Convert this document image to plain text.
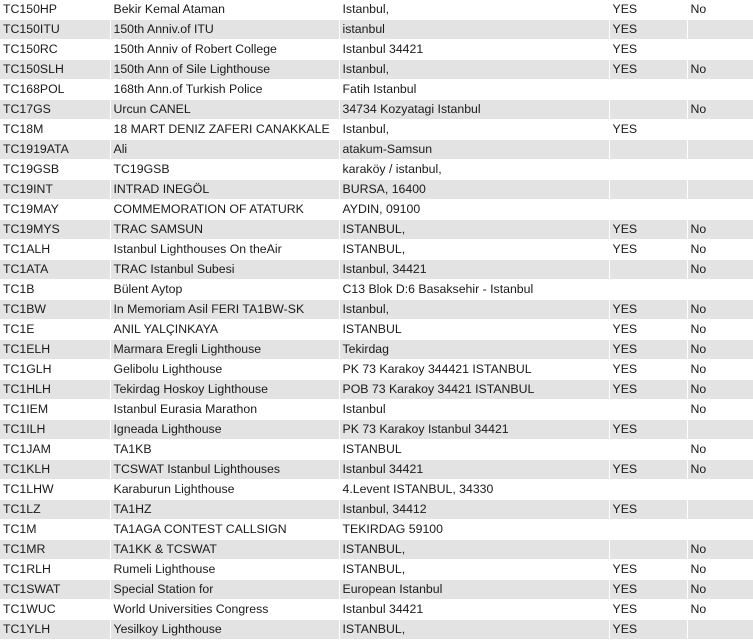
TC150HP	Bekir Kemal Ataman	Istanbul,	YES	No
TC150ITU	150th Anniv.of ITU	istanbul	YES	
TC150RC	150th Anniv of Robert College	Istanbul 34421	YES	
TC150SLH	150th Ann of Sile Lighthouse	Istanbul,	YES	No
TC168POL	168th Ann.of Turkish Police	Fatih Istanbul		
TC17GS	Urcun CANEL	34734 Kozyatagi Istanbul		No
TC18M	18 MART DENIZ ZAFERI CANAKKALE	Istanbul,	YES	
TC1919ATA	Ali	atakum-Samsun		
TC19GSB	TC19GSB	karaköy / istanbul,		
TC19INT	INTRAD INEGÖL	BURSA, 16400		
TC19MAY	COMMEMORATION OF ATATURK	AYDIN, 09100		
TC19MYS	TRAC SAMSUN	ISTANBUL,	YES	No
TC1ALH	Istanbul Lighthouses On theAir	ISTANBUL,	YES	No
TC1ATA	TRAC Istanbul Subesi	Istanbul, 34421		No
TC1B	Bülent Aytop	C13 Blok D:6 Basaksehir - Istanbul		
TC1BW	In Memoriam Asil FERI TA1BW-SK	Istanbul,	YES	No
TC1E	ANIL YALÇINKAYA	ISTANBUL	YES	No
TC1ELH	Marmara Eregli Lighthouse	Tekirdag	YES	No
TC1GLH	Gelibolu Lighthouse	PK 73 Karakoy 344421 ISTANBUL	YES	No
TC1HLH	Tekirdag Hoskoy Lighthouse	POB 73 Karakoy 34421 ISTANBUL	YES	No
TC1IEM	Istanbul Eurasia Marathon	Istanbul		No
TC1ILH	Igneada Lighthouse	PK 73 Karakoy Istanbul 34421	YES	
TC1JAM	TA1KB	ISTANBUL		No
TC1KLH	TCSWAT Istanbul Lighthouses	Istanbul 34421	YES	No
TC1LHW	Karaburun Lighthouse	4.Levent ISTANBUL, 34330		
TC1LZ	TA1HZ	Istanbul, 34412	YES	
TC1M	TA1AGA CONTEST CALLSIGN	TEKIRDAG 59100		
TC1MR	TA1KK & TCSWAT	ISTANBUL,		No
TC1RLH	Rumeli Lighthouse	ISTANBUL,	YES	No
TC1SWAT	Special Station for	European Istanbul	YES	No
TC1WUC	World Universities Congress	Istanbul 34421	YES	No
TC1YLH	Yesilkoy Lighthouse	ISTANBUL,	YES	
